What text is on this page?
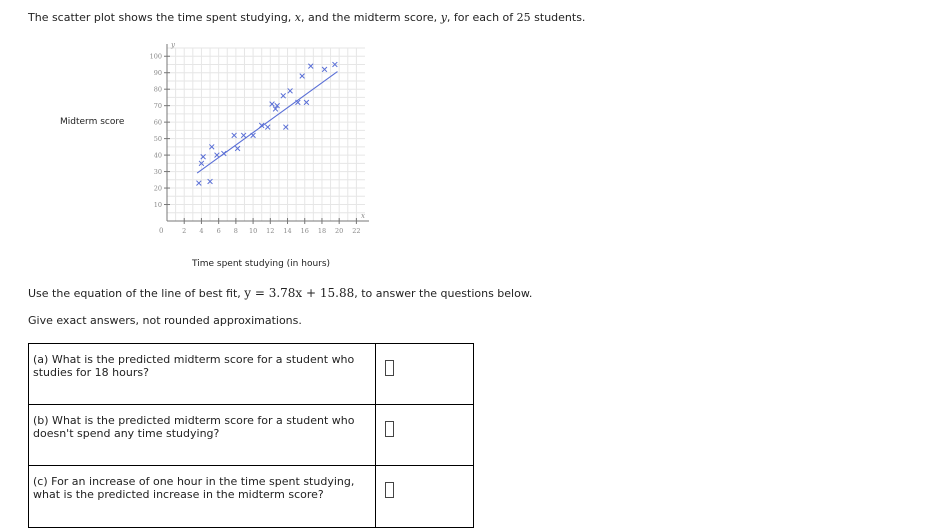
The scatter plot shows the time spent studying, x, and the midterm score, y, for each of 25 students.
Midterm score
y
x
0
10
20
30
40
50
60
70
80
90
100
2 4 6 8 10 12 14 16 18 20 22
Time spent studying (in hours)
Use the equation of the line of best fit, y = 3.78x + 15.88, to answer the questions below.
Give exact answers, not rounded approximations.
(a) What is the predicted midterm score for a student who studies for 18 hours?	

(b) What is the predicted midterm score for a student who doesn't spend any time studying?	

(c) For an increase of one hour in the time spent studying, what is the predicted increase in the midterm score?	
